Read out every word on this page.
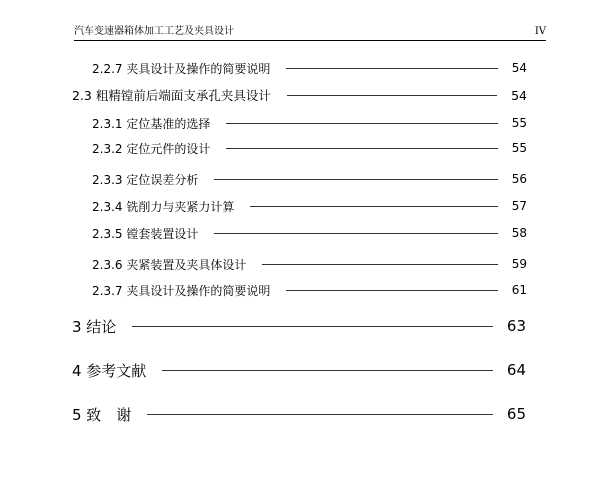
汽车变速器箱体加工工艺及夹具设计	IV
2.2.7 夹具设计及操作的简要说明	54
2.3 粗精镗前后端面支承孔夹具设计	54
2.3.1 定位基准的选择	55
2.3.2 定位元件的设计	55
2.3.3 定位误差分析	56
2.3.4 铣削力与夹紧力计算	57
2.3.5 镗套装置设计	58
2.3.6 夹紧装置及夹具体设计	59
2.3.7 夹具设计及操作的简要说明	61
3 结论	63
4 参考文献	64
5 致　谢	65
